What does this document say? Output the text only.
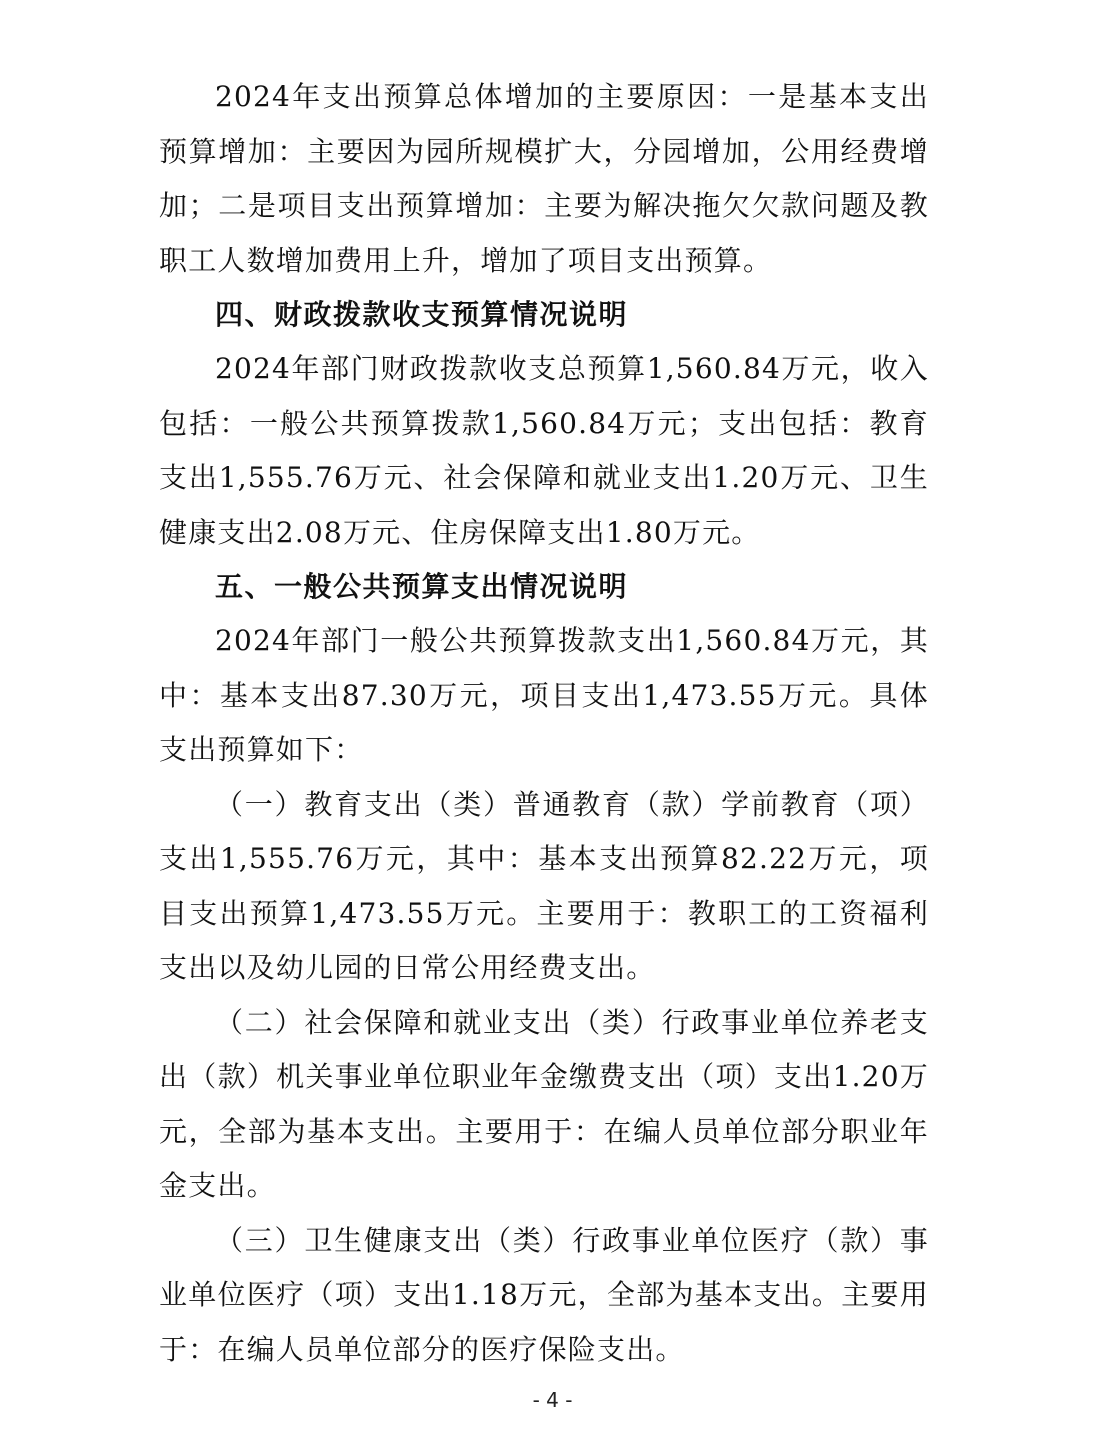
2024年支出预算总体增加的主要原因：一是基本支出预算增加：主要因为园所规模扩大，分园增加，公用经费增加；二是项目支出预算增加：主要为解决拖欠欠款问题及教职工人数增加费用上升，增加了项目支出预算。

四、财政拨款收支预算情况说明

2024年部门财政拨款收支总预算1,560.84万元，收入包括：一般公共预算拨款1,560.84万元；支出包括：教育支出1,555.76万元、社会保障和就业支出1.20万元、卫生健康支出2.08万元、住房保障支出1.80万元。

五、一般公共预算支出情况说明

2024年部门一般公共预算拨款支出1,560.84万元，其中：基本支出87.30万元，项目支出1,473.55万元。具体支出预算如下：

（一）教育支出（类）普通教育（款）学前教育（项）支出1,555.76万元，其中：基本支出预算82.22万元，项目支出预算1,473.55万元。主要用于：教职工的工资福利支出以及幼儿园的日常公用经费支出。

（二）社会保障和就业支出（类）行政事业单位养老支出（款）机关事业单位职业年金缴费支出（项）支出1.20万元，全部为基本支出。主要用于：在编人员单位部分职业年金支出。

（三）卫生健康支出（类）行政事业单位医疗（款）事业单位医疗（项）支出1.18万元，全部为基本支出。主要用于：在编人员单位部分的医疗保险支出。

- 4 -
